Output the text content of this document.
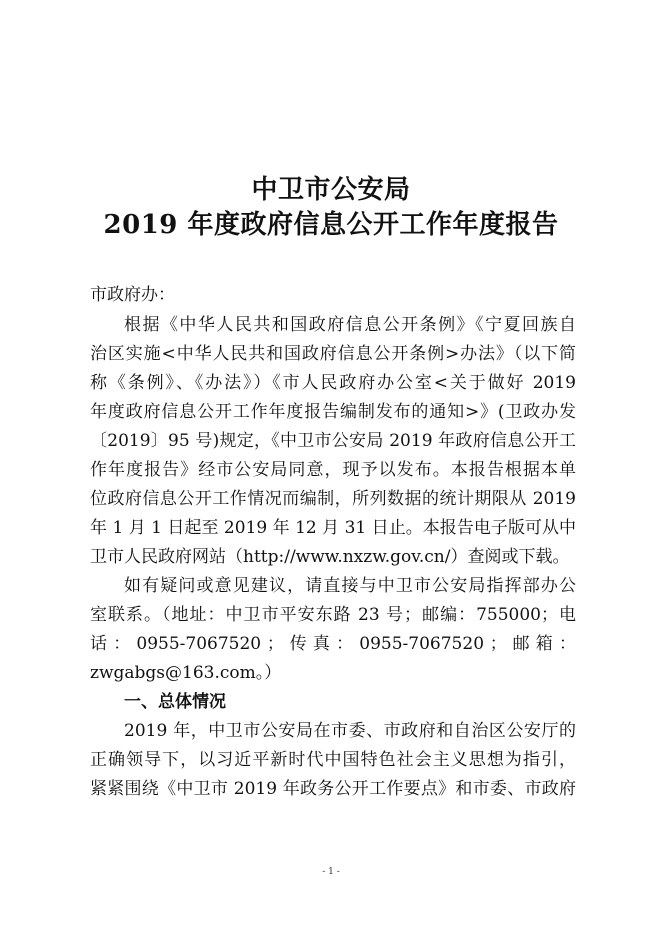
中卫市公安局
2019 年度政府信息公开工作年度报告
市政府办：
根据《中华人民共和国政府信息公开条例》《宁夏回族自
治区实施<中华人民共和国政府信息公开条例>办法》（以下简
称《条例》、《办法》）《市人民政府办公室<关于做好 2019
年度政府信息公开工作年度报告编制发布的通知>》(卫政办发
〔2019〕95 号)规定，《中卫市公安局 2019 年政府信息公开工
作年度报告》经市公安局同意，现予以发布。本报告根据本单
位政府信息公开工作情况而编制，所列数据的统计期限从 2019
年 1 月 1 日起至 2019 年 12 月 31 日止。本报告电子版可从中
卫市人民政府网站（http://www.nxzw.gov.cn/）查阅或下载。
如有疑问或意见建议，请直接与中卫市公安局指挥部办公
室联系。（地址：中卫市平安东路 23 号；邮编：755000；电
话 ： 0955-7067520 ； 传 真 ： 0955-7067520 ； 邮 箱 ：
zwgabgs@163.com。）
一、总体情况
2019 年，中卫市公安局在市委、市政府和自治区公安厅的
正确领导下，以习近平新时代中国特色社会主义思想为指引，
紧紧围绕《中卫市 2019 年政务公开工作要点》和市委、市政府
- 1 -
